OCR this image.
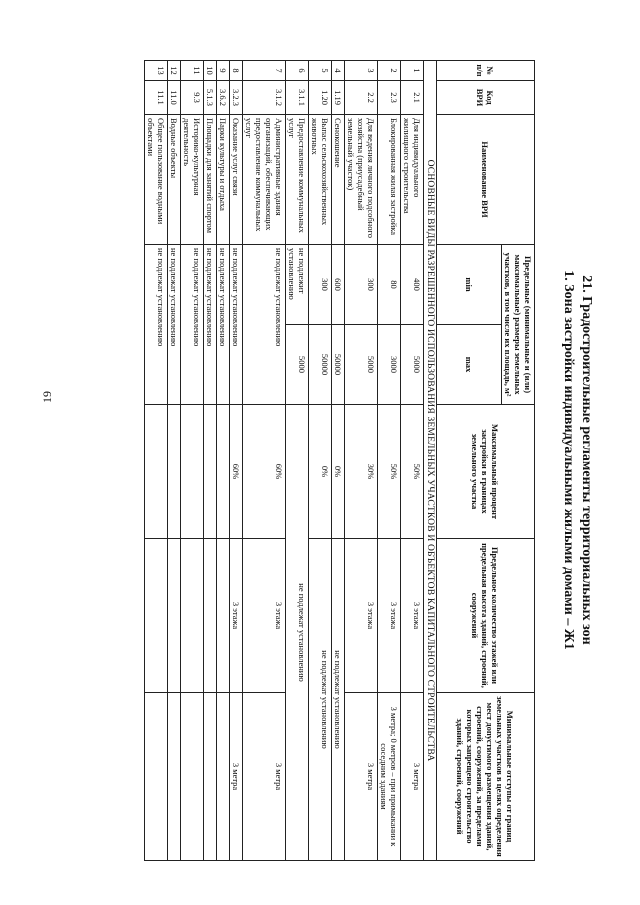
19	21. Градостроительные регламенты территориальных зон
1. Зона застройки индивидуальными жилыми домами – Ж1
№ п/п	Код ВРИ	Наименование ВРИ	Предельные (минимальные и (или) максимальные) размеры земельных участков, в том числе их площадь, м²		Максимальный процент застройки в границах земельного участка	Предельное количество этажей или предельная высота зданий, строений, сооружений	Минимальные отступы от границ земельных участков в целях определения мест допустимого размещения зданий, строений, сооружений, за пределами которых запрещено строительство зданий, строений, сооружений
			min	max			
ОСНОВНЫЕ ВИДЫ РАЗРЕШЕННОГО ИСПОЛЬЗОВАНИЯ ЗЕМЕЛЬНЫХ УЧАСТКОВ И ОБЪЕКТОВ КАПИТАЛЬНОГО СТРОИТЕЛЬСТВА							
1	2.1	Для индивидуального жилищного строительства	400	5000	50%	3 этажа	3 метра
2	2.3	Блокированная жилая застройка	80	3000	50%	3 этажа	3 метра; 0 метров – при примыкании к соседним зданиям
3	2.2	Для ведения личного подсобного хозяйства (приусадебный земельный участок)	300	5000	30%	3 этажа	3 метра
4	1.19	Сенокошение	600	50000	0%	не подлежат установлению	
5	1.20	Выпас сельскохозяйственных животных	300	50000	0%	не подлежат установлению	
6	3.1.1	Предоставление коммунальных услуг	не подлежит установлению	5000	не подлежат установлению		
7	3.1.2	Административные здания организаций, обеспечивающих предоставление коммунальных услуг	не подлежат установлению		60%	3 этажа	3 метра
8	3.2.3	Оказание услуг связи	не подлежат установлению		60%	3 этажа	3 метра
9	3.6.2	Парки культуры и отдыха	не подлежат установлению				
10	5.1.3	Площадки для занятий спортом	не подлежат установлению				
11	9.3	Историко-культурная деятельность	не подлежат установлению				
12	11.0	Водные объекты	не подлежат установлению				
13	11.1	Общее пользование водными объектами	не подлежат установлению				
